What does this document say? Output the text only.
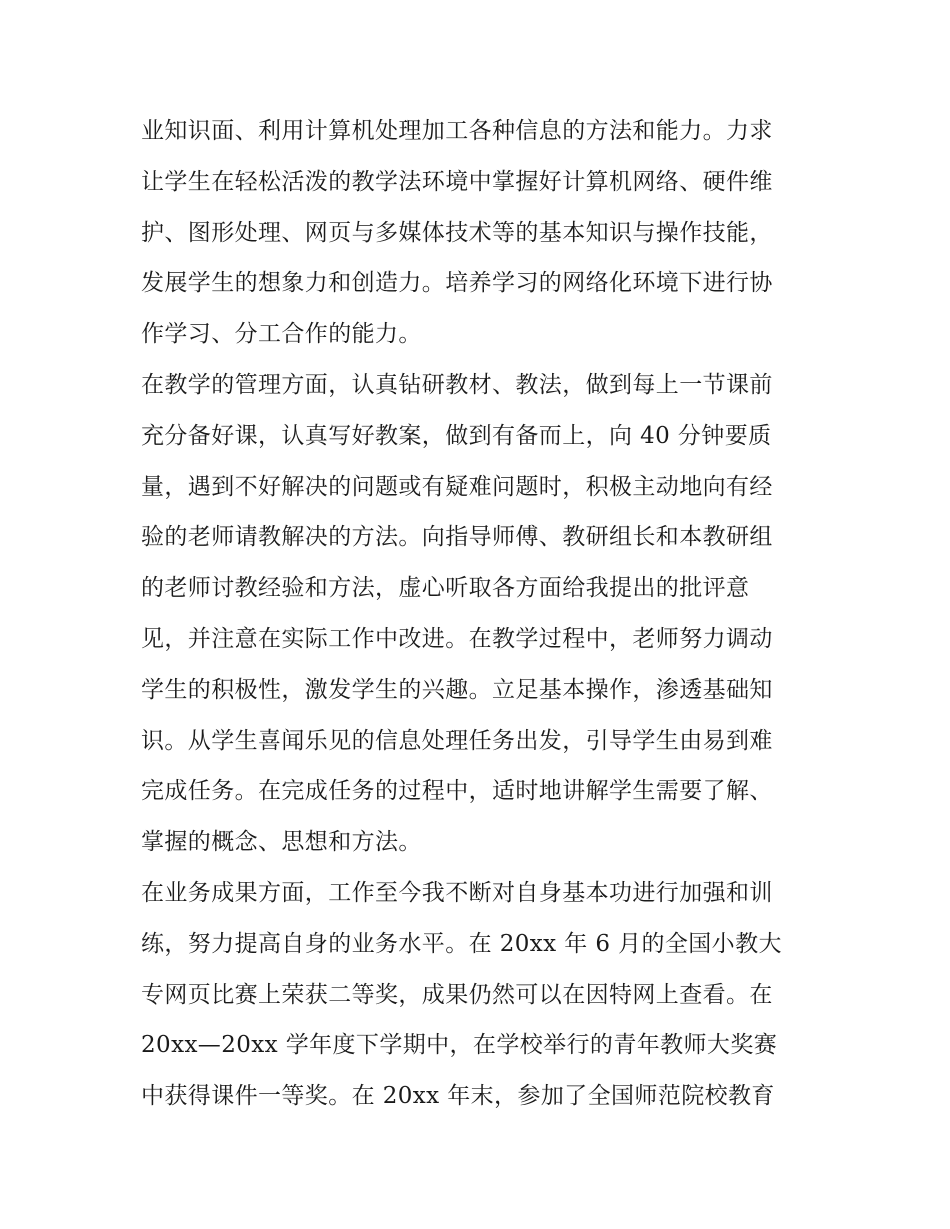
业知识面、利用计算机处理加工各种信息的方法和能力。力求
让学生在轻松活泼的教学法环境中掌握好计算机网络、硬件维
护、图形处理、网页与多媒体技术等的基本知识与操作技能，
发展学生的想象力和创造力。培养学习的网络化环境下进行协
作学习、分工合作的能力。
在教学的管理方面，认真钻研教材、教法，做到每上一节课前
充分备好课，认真写好教案，做到有备而上，向 40 分钟要质
量，遇到不好解决的问题或有疑难问题时，积极主动地向有经
验的老师请教解决的方法。向指导师傅、教研组长和本教研组
的老师讨教经验和方法，虚心听取各方面给我提出的批评意
见，并注意在实际工作中改进。在教学过程中，老师努力调动
学生的积极性，激发学生的兴趣。立足基本操作，渗透基础知
识。从学生喜闻乐见的信息处理任务出发，引导学生由易到难
完成任务。在完成任务的过程中，适时地讲解学生需要了解、
掌握的概念、思想和方法。
在业务成果方面，工作至今我不断对自身基本功进行加强和训
练，努力提高自身的业务水平。在 20xx 年 6 月的全国小教大
专网页比赛上荣获二等奖，成果仍然可以在因特网上查看。在
20xx—20xx 学年度下学期中，在学校举行的青年教师大奖赛
中获得课件一等奖。在 20xx 年末，参加了全国师范院校教育
